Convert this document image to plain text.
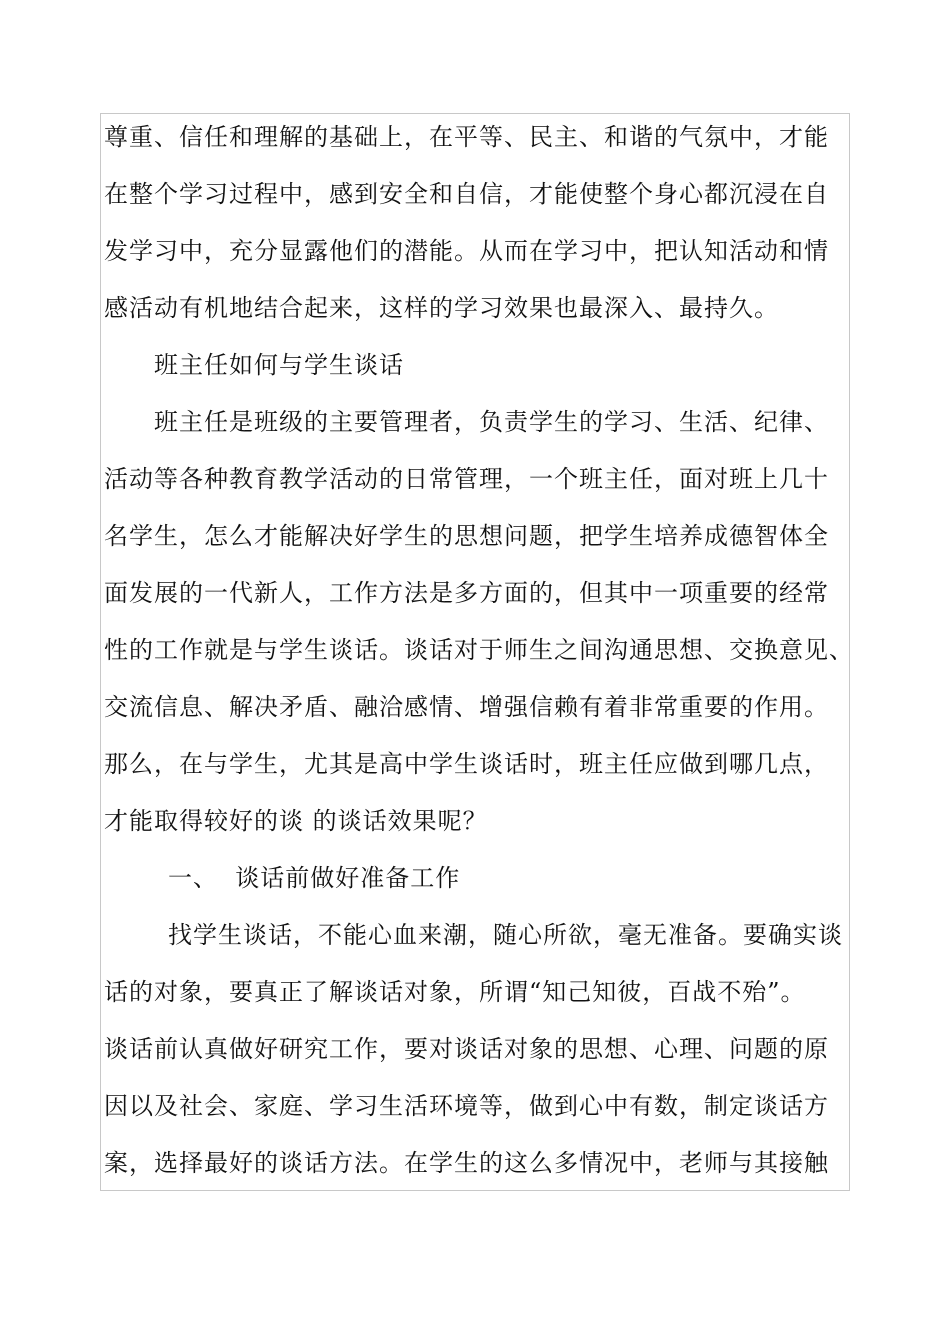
尊重、信任和理解的基础上，在平等、民主、和谐的气氛中，才能
在整个学习过程中，感到安全和自信，才能使整个身心都沉浸在自
发学习中，充分显露他们的潜能。从而在学习中，把认知活动和情
感活动有机地结合起来，这样的学习效果也最深入、最持久。
班主任如何与学生谈话
班主任是班级的主要管理者，负责学生的学习、生活、纪律、
活动等各种教育教学活动的日常管理，一个班主任，面对班上几十
名学生，怎么才能解决好学生的思想问题，把学生培养成德智体全
面发展的一代新人，工作方法是多方面的，但其中一项重要的经常
性的工作就是与学生谈话。谈话对于师生之间沟通思想、交换意见、
交流信息、解决矛盾、融洽感情、增强信赖有着非常重要的作用。
那么，在与学生，尤其是高中学生谈话时，班主任应做到哪几点，
才能取得较好的谈 的谈话效果呢？
一、  谈话前做好准备工作
找学生谈话，不能心血来潮，随心所欲，毫无准备。要确实谈
话的对象，要真正了解谈话对象，所谓“知己知彼，百战不殆”。
谈话前认真做好研究工作，要对谈话对象的思想、心理、问题的原
因以及社会、家庭、学习生活环境等，做到心中有数，制定谈话方
案，选择最好的谈话方法。在学生的这么多情况中，老师与其接触
